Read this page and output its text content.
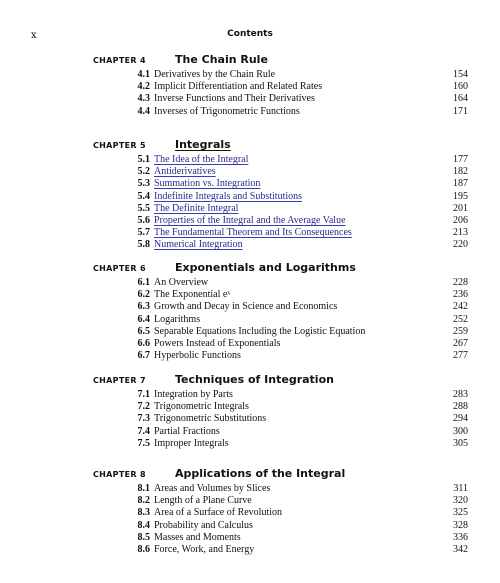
x	Contents
CHAPTER 4	The Chain Rule
4.1 Derivatives by the Chain Rule	154
4.2 Implicit Differentiation and Related Rates	160
4.3 Inverse Functions and Their Derivatives	164
4.4 Inverses of Trigonometric Functions	171
CHAPTER 5	Integrals
5.1 The Idea of the Integral	177
5.2 Antiderivatives	182
5.3 Summation vs. Integration	187
5.4 Indefinite Integrals and Substitutions	195
5.5 The Definite Integral	201
5.6 Properties of the Integral and the Average Value	206
5.7 The Fundamental Theorem and Its Consequences	213
5.8 Numerical Integration	220
CHAPTER 6	Exponentials and Logarithms
6.1 An Overview	228
6.2 The Exponential eˣ	236
6.3 Growth and Decay in Science and Economics	242
6.4 Logarithms	252
6.5 Separable Equations Including the Logistic Equation	259
6.6 Powers Instead of Exponentials	267
6.7 Hyperbolic Functions	277
CHAPTER 7	Techniques of Integration
7.1 Integration by Parts	283
7.2 Trigonometric Integrals	288
7.3 Trigonometric Substitutions	294
7.4 Partial Fractions	300
7.5 Improper Integrals	305
CHAPTER 8	Applications of the Integral
8.1 Areas and Volumes by Slices	311
8.2 Length of a Plane Curve	320
8.3 Area of a Surface of Revolution	325
8.4 Probability and Calculus	328
8.5 Masses and Moments	336
8.6 Force, Work, and Energy	342
